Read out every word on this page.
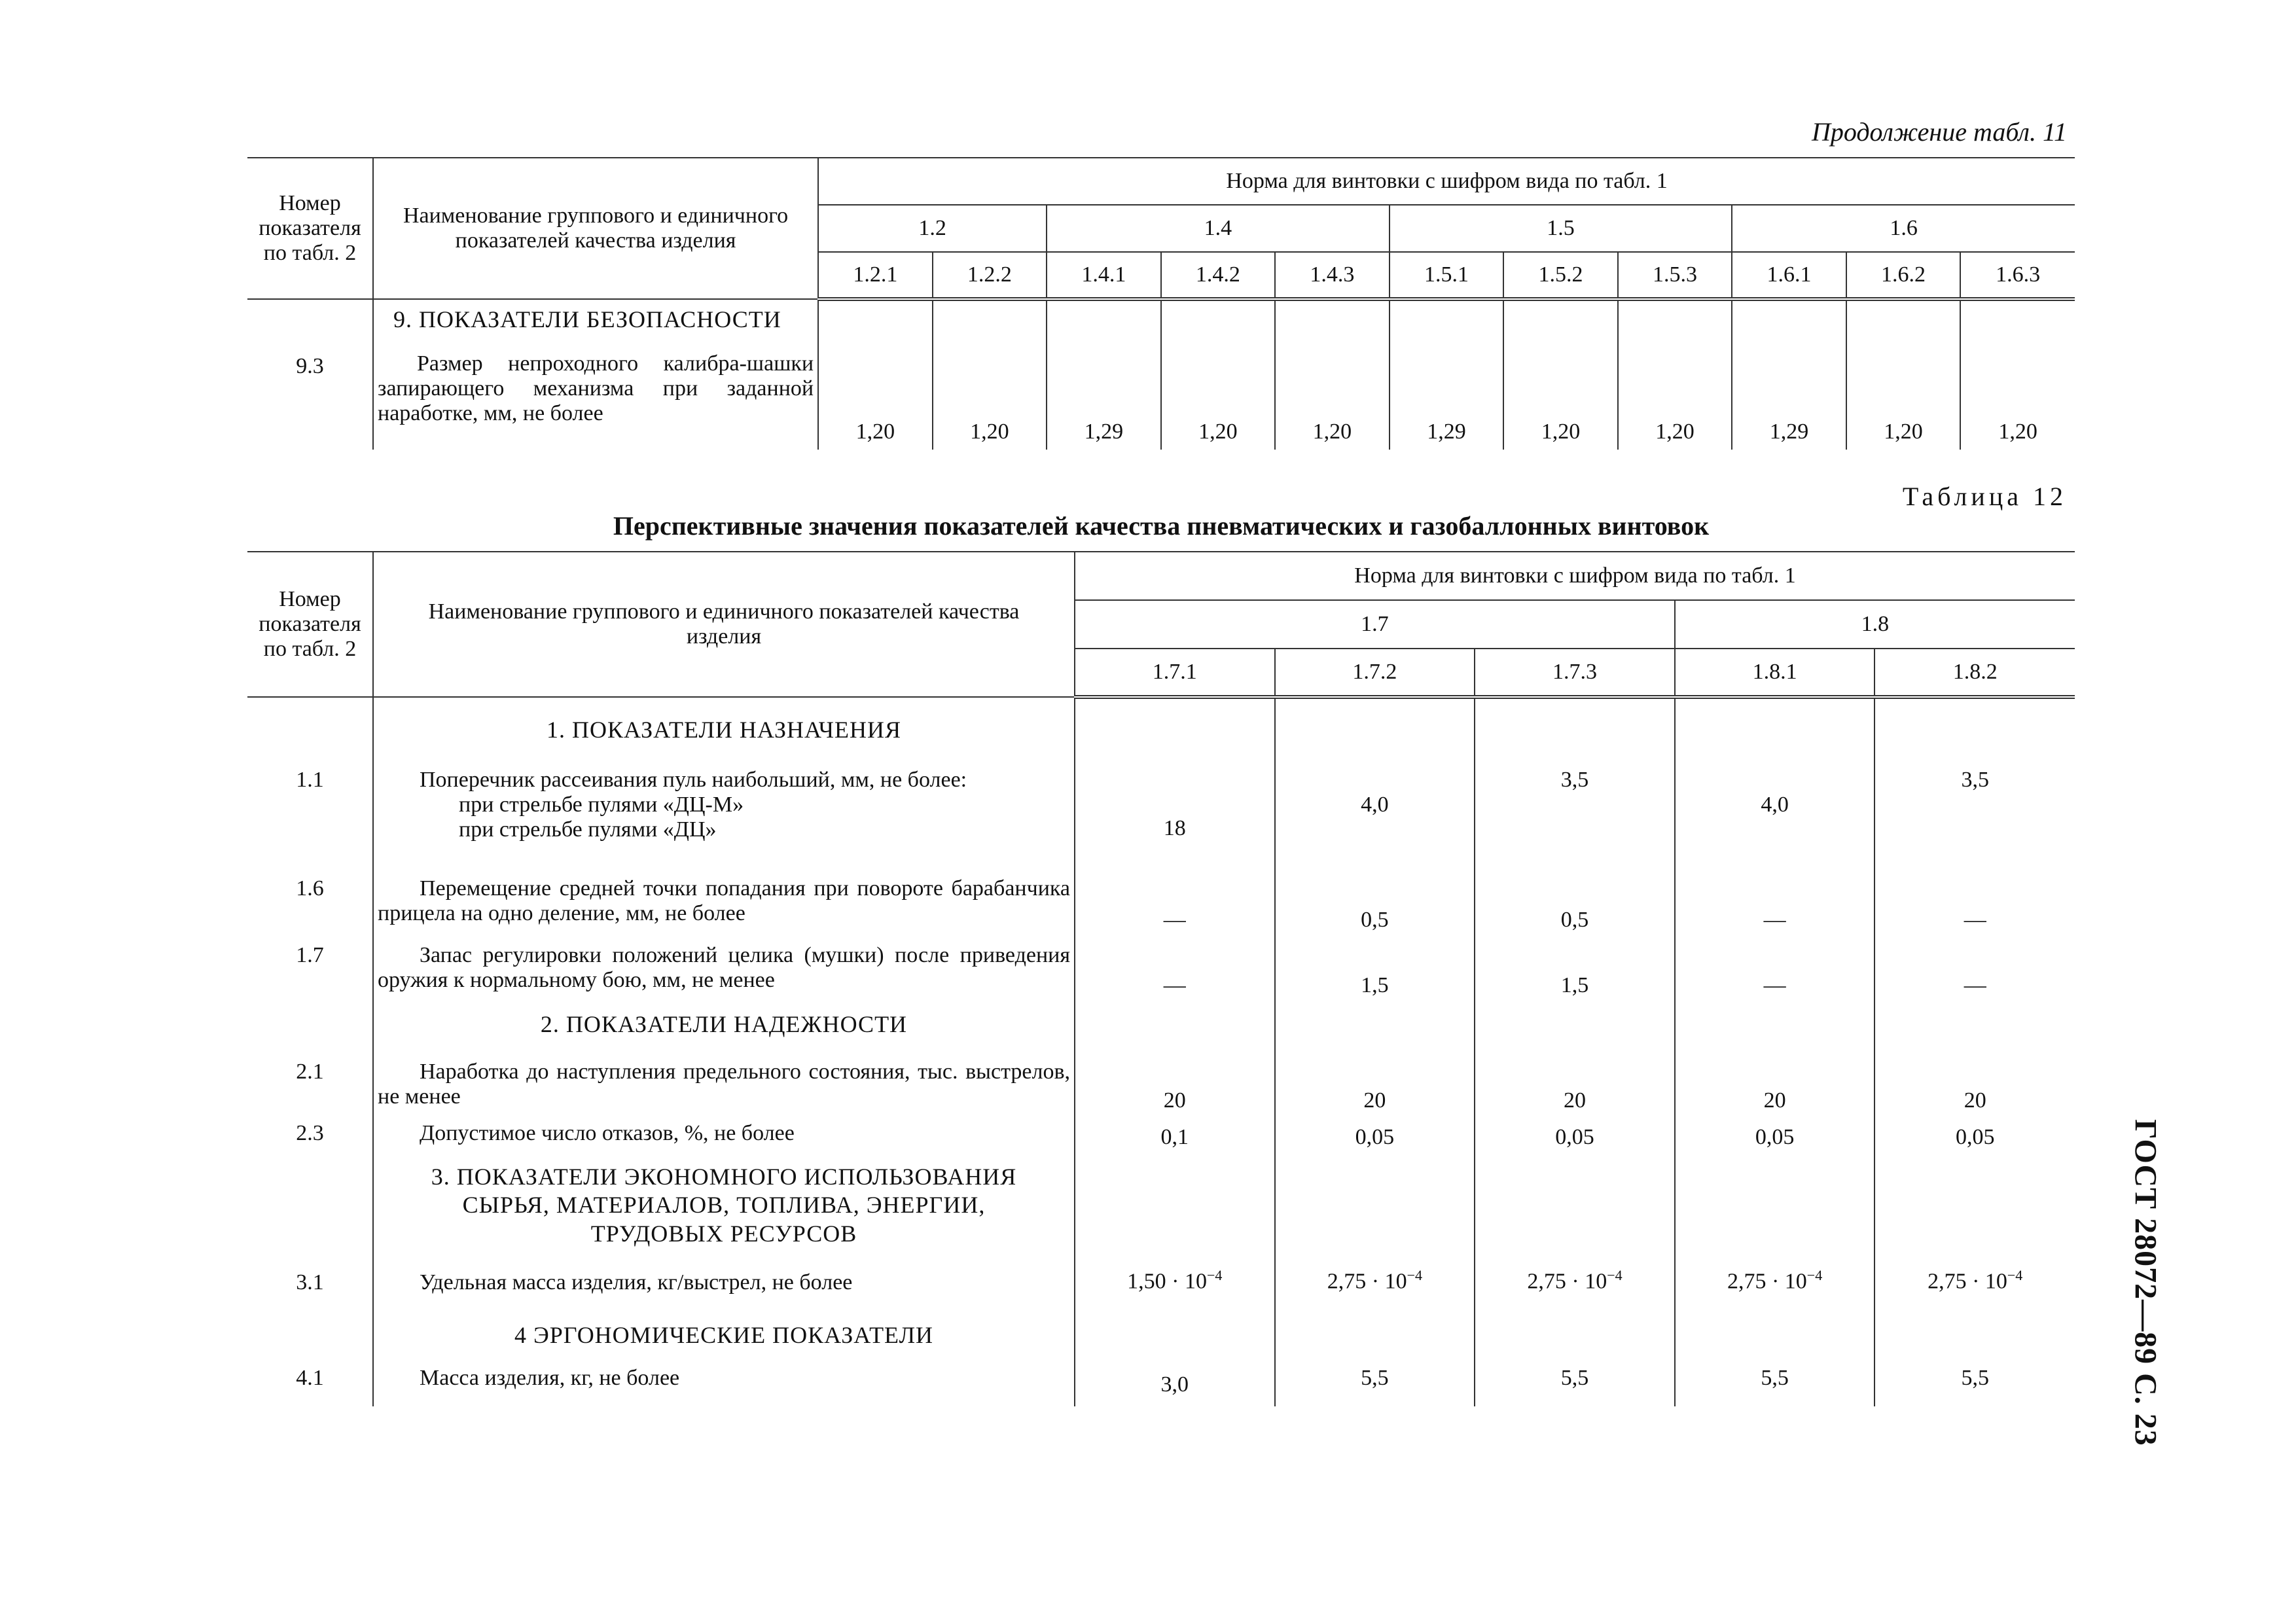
Продолжение табл. 11
ГОСТ 28072—89 С. 23
Номер показателя по табл. 2	Наименование группового и единичного показателей качества изделия	Норма для винтовки с шифром вида по табл. 1										
		1.2		1.4			1.5			1.6		
		1.2.1	1.2.2	1.4.1	1.4.2	1.4.3	1.5.1	1.5.2	1.5.3	1.6.1	1.6.2	1.6.3
	9. ПОКАЗАТЕЛИ БЕЗОПАСНОСТИ											
9.3	Размер непроходного калибра-шашки запирающего механизма при заданной наработке, мм, не более	1,20	1,20	1,29	1,20	1,20	1,29	1,20	1,20	1,29	1,20	1,20
Таблица 12
Перспективные значения показателей качества пневматических и газобаллонных винтовок
Номер показателя по табл. 2	Наименование группового и единичного показателей качества изделия	Норма для винтовки с шифром вида по табл. 1				
		1.7			1.8	
		1.7.1	1.7.2	1.7.3	1.8.1	1.8.2
	1. ПОКАЗАТЕЛИ НАЗНАЧЕНИЯ					
1.1	Поперечник рассеивания пуль наибольший, мм, не более:
при стрельбе пулями «ДЦ-М»
при стрельбе пулями «ДЦ»	18	4,0	3,5	4,0	3,5
1.6	Перемещение средней точки попадания при повороте барабанчика прицела на одно деление, мм, не более	—	0,5	0,5	—	—
1.7	Запас регулировки положений целика (мушки) после приведения оружия к нормальному бою, мм, не менее	—	1,5	1,5	—	—
	2. ПОКАЗАТЕЛИ НАДЕЖНОСТИ					
2.1	Наработка до наступления предельного состояния, тыс. выстрелов, не менее	20	20	20	20	20
2.3	Допустимое число отказов, %, не более	0,1	0,05	0,05	0,05	0,05

	3. ПОКАЗАТЕЛИ ЭКОНОМНОГО ИСПОЛЬЗОВАНИЯ
СЫРЬЯ, МАТЕРИАЛОВ, ТОПЛИВА, ЭНЕРГИИ,
ТРУДОВЫХ РЕСУРСОВ					

3.1	Удельная масса изделия, кг/выстрел, не более	$1,50 \cdot 10^{-4}$	$2,75 \cdot 10^{-4}$	$2,75 \cdot 10^{-4}$	$2,75 \cdot 10^{-4}$	$2,75 \cdot 10^{-4}$
	4 ЭРГОНОМИЧЕСКИЕ ПОКАЗАТЕЛИ					
4.1	Масса изделия, кг, не более	3,0	5,5	5,5	5,5	5,5
